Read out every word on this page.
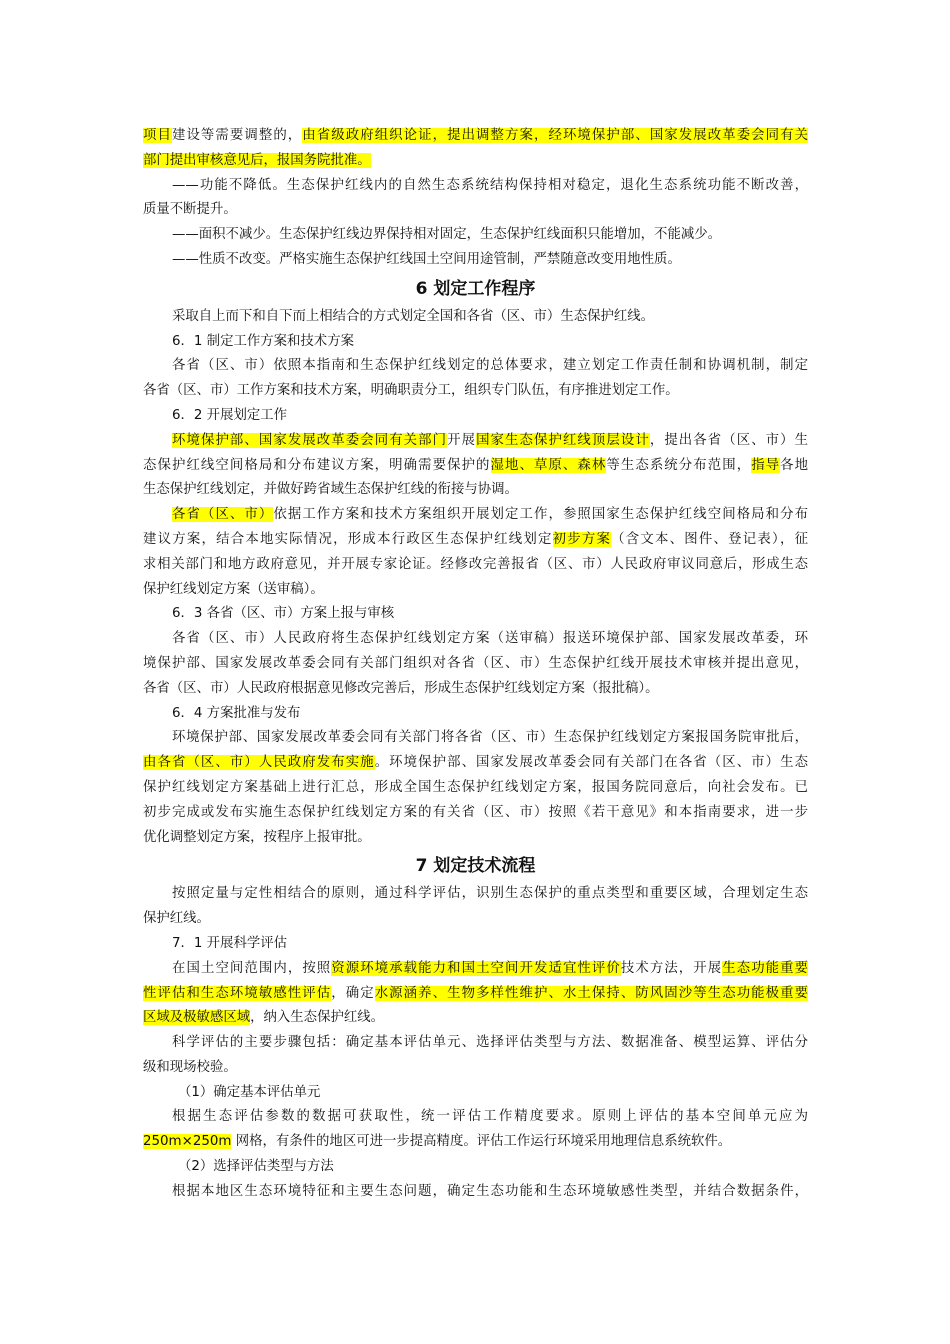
项目建设等需要调整的，由省级政府组织论证，提出调整方案，经环境保护部、国家发展改革委会同有关
部门提出审核意见后，报国务院批准。
——功能不降低。生态保护红线内的自然生态系统结构保持相对稳定，退化生态系统功能不断改善，
质量不断提升。
——面积不减少。生态保护红线边界保持相对固定，生态保护红线面积只能增加，不能减少。
——性质不改变。严格实施生态保护红线国土空间用途管制，严禁随意改变用地性质。
6 划定工作程序
采取自上而下和自下而上相结合的方式划定全国和各省（区、市）生态保护红线。
6．1 制定工作方案和技术方案
各省（区、市）依照本指南和生态保护红线划定的总体要求，建立划定工作责任制和协调机制，制定
各省（区、市）工作方案和技术方案，明确职责分工，组织专门队伍，有序推进划定工作。
6．2 开展划定工作
环境保护部、国家发展改革委会同有关部门开展国家生态保护红线顶层设计，提出各省（区、市）生
态保护红线空间格局和分布建议方案，明确需要保护的湿地、草原、森林等生态系统分布范围，指导各地
生态保护红线划定，并做好跨省域生态保护红线的衔接与协调。
各省（区、市）依据工作方案和技术方案组织开展划定工作，参照国家生态保护红线空间格局和分布
建议方案，结合本地实际情况，形成本行政区生态保护红线划定初步方案（含文本、图件、登记表），征
求相关部门和地方政府意见，并开展专家论证。经修改完善报省（区、市）人民政府审议同意后，形成生态
保护红线划定方案（送审稿）。
6．3 各省（区、市）方案上报与审核
各省（区、市）人民政府将生态保护红线划定方案（送审稿）报送环境保护部、国家发展改革委，环
境保护部、国家发展改革委会同有关部门组织对各省（区、市）生态保护红线开展技术审核并提出意见，
各省（区、市）人民政府根据意见修改完善后，形成生态保护红线划定方案（报批稿）。
6．4 方案批准与发布
环境保护部、国家发展改革委会同有关部门将各省（区、市）生态保护红线划定方案报国务院审批后，
由各省（区、市）人民政府发布实施。环境保护部、国家发展改革委会同有关部门在各省（区、市）生态
保护红线划定方案基础上进行汇总，形成全国生态保护红线划定方案，报国务院同意后，向社会发布。已
初步完成或发布实施生态保护红线划定方案的有关省（区、市）按照《若干意见》和本指南要求，进一步
优化调整划定方案，按程序上报审批。
7 划定技术流程
按照定量与定性相结合的原则，通过科学评估，识别生态保护的重点类型和重要区域，合理划定生态
保护红线。
7．1 开展科学评估
在国土空间范围内，按照资源环境承载能力和国土空间开发适宜性评价技术方法，开展生态功能重要
性评估和生态环境敏感性评估，确定水源涵养、生物多样性维护、水土保持、防风固沙等生态功能极重要
区域及极敏感区域，纳入生态保护红线。
科学评估的主要步骤包括：确定基本评估单元、选择评估类型与方法、数据准备、模型运算、评估分
级和现场校验。
（1）确定基本评估单元
根据生态评估参数的数据可获取性，统一评估工作精度要求。原则上评估的基本空间单元应为
250m×250m 网格，有条件的地区可进一步提高精度。评估工作运行环境采用地理信息系统软件。
（2）选择评估类型与方法
根据本地区生态环境特征和主要生态问题，确定生态功能和生态环境敏感性类型，并结合数据条件，
